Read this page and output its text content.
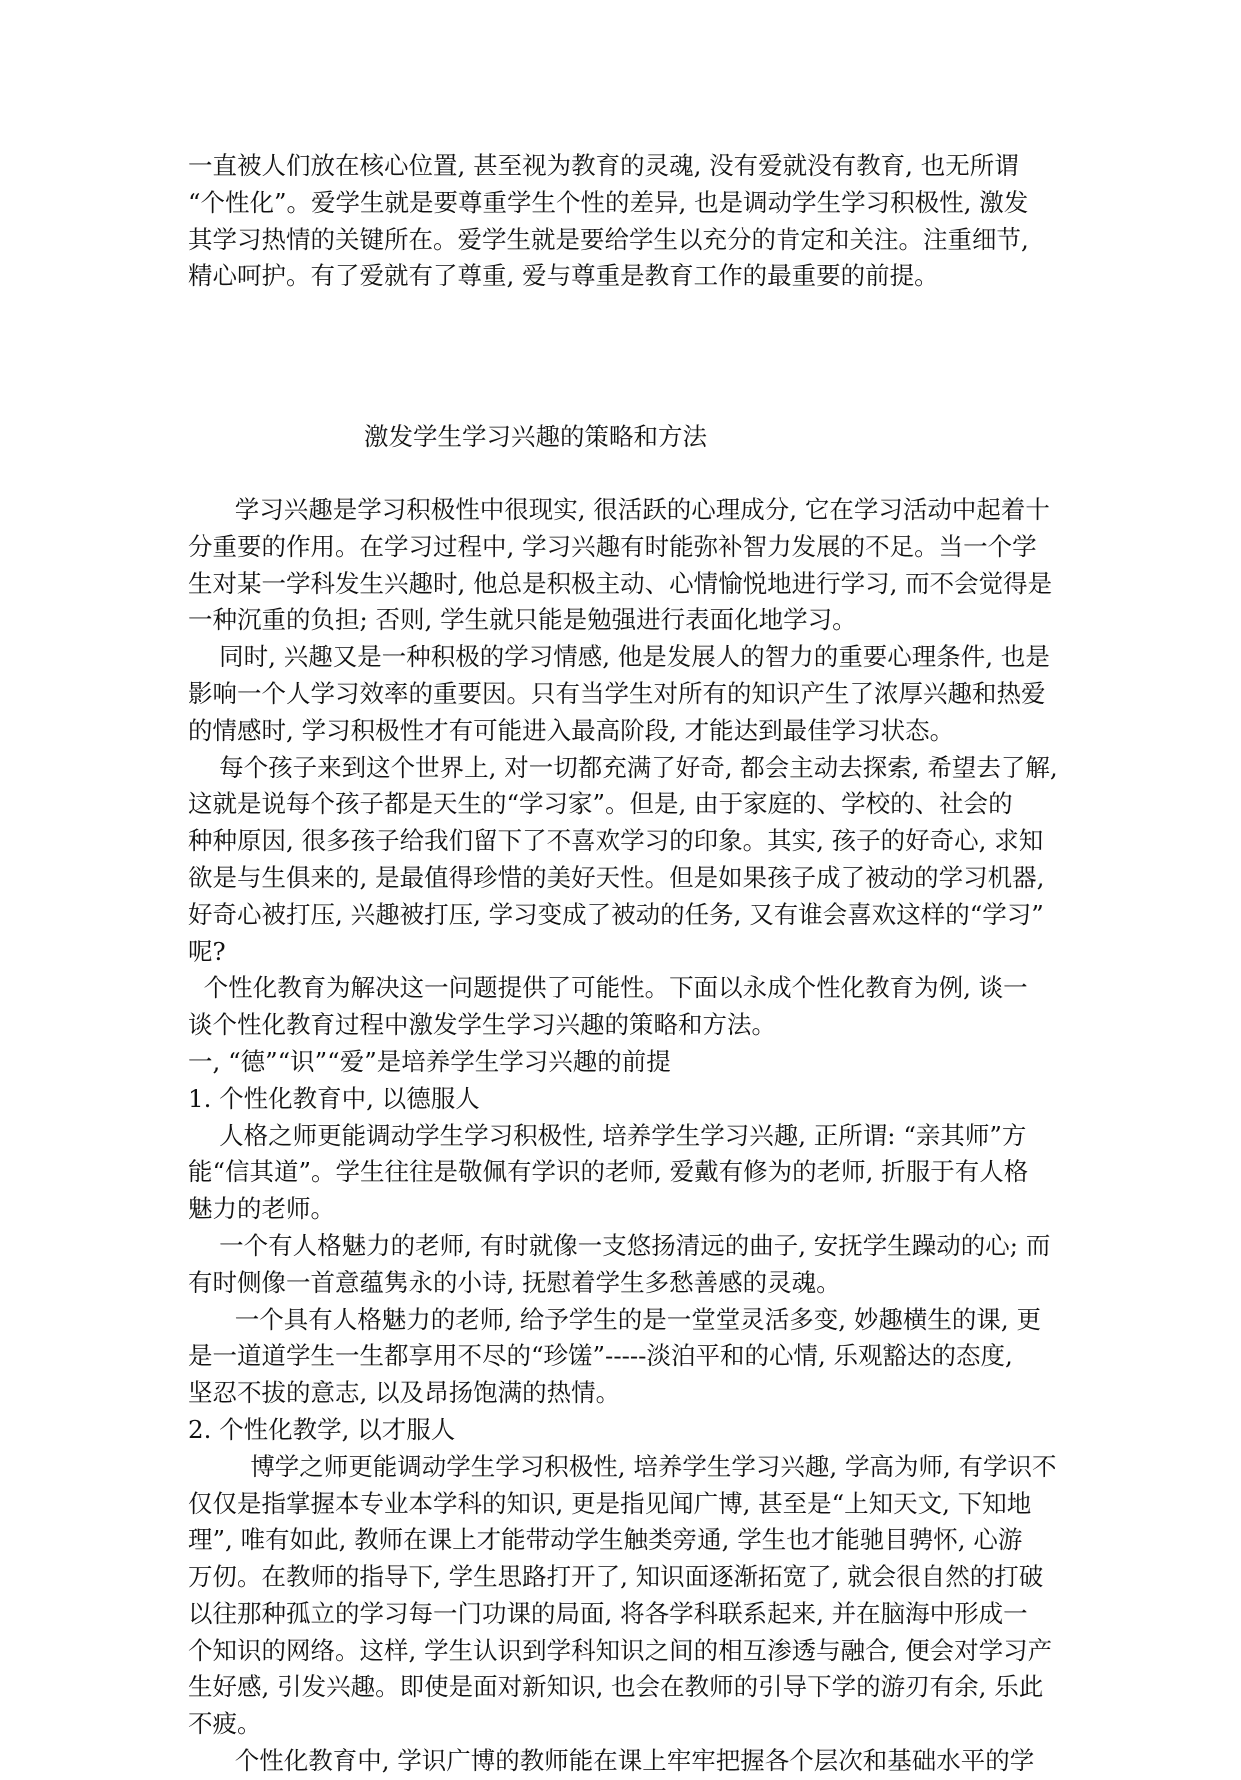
一直被人们放在核心位置, 甚至视为教育的灵魂, 没有爱就没有教育, 也无所谓
“个性化”。爱学生就是要尊重学生个性的差异, 也是调动学生学习积极性, 激发
其学习热情的关键所在。爱学生就是要给学生以充分的肯定和关注。注重细节,
精心呵护。有了爱就有了尊重, 爱与尊重是教育工作的最重要的前提。

激发学生学习兴趣的策略和方法

学习兴趣是学习积极性中很现实, 很活跃的心理成分, 它在学习活动中起着十
分重要的作用。在学习过程中, 学习兴趣有时能弥补智力发展的不足。当一个学
生对某一学科发生兴趣时, 他总是积极主动、心情愉悦地进行学习, 而不会觉得是
一种沉重的负担; 否则, 学生就只能是勉强进行表面化地学习。

同时, 兴趣又是一种积极的学习情感, 他是发展人的智力的重要心理条件, 也是
影响一个人学习效率的重要因。只有当学生对所有的知识产生了浓厚兴趣和热爱
的情感时, 学习积极性才有可能进入最高阶段, 才能达到最佳学习状态。

每个孩子来到这个世界上, 对一切都充满了好奇, 都会主动去探索, 希望去了解,
这就是说每个孩子都是天生的“学习家”。但是, 由于家庭的、学校的、社会的
种种原因, 很多孩子给我们留下了不喜欢学习的印象。其实, 孩子的好奇心, 求知
欲是与生俱来的, 是最值得珍惜的美好天性。但是如果孩子成了被动的学习机器,
好奇心被打压, 兴趣被打压, 学习变成了被动的任务, 又有谁会喜欢这样的“学习”
呢?

个性化教育为解决这一问题提供了可能性。下面以永成个性化教育为例, 谈一
谈个性化教育过程中激发学生学习兴趣的策略和方法。

一, “德”“识”“爱”是培养学生学习兴趣的前提

1. 个性化教育中, 以德服人

人格之师更能调动学生学习积极性, 培养学生学习兴趣, 正所谓: “亲其师”方
能“信其道”。学生往往是敬佩有学识的老师, 爱戴有修为的老师, 折服于有人格
魅力的老师。

一个有人格魅力的老师, 有时就像一支悠扬清远的曲子, 安抚学生躁动的心; 而
有时侧像一首意蕴隽永的小诗, 抚慰着学生多愁善感的灵魂。

一个具有人格魅力的老师, 给予学生的是一堂堂灵活多变, 妙趣横生的课, 更
是一道道学生一生都享用不尽的“珍馐”-----淡泊平和的心情, 乐观豁达的态度,
坚忍不拔的意志, 以及昂扬饱满的热情。

2. 个性化教学, 以才服人

博学之师更能调动学生学习积极性, 培养学生学习兴趣, 学高为师, 有学识不
仅仅是指掌握本专业本学科的知识, 更是指见闻广博, 甚至是“上知天文, 下知地
理”, 唯有如此, 教师在课上才能带动学生触类旁通, 学生也才能驰目骋怀, 心游
万仞。在教师的指导下, 学生思路打开了, 知识面逐渐拓宽了, 就会很自然的打破
以往那种孤立的学习每一门功课的局面, 将各学科联系起来, 并在脑海中形成一
个知识的网络。这样, 学生认识到学科知识之间的相互渗透与融合, 便会对学习产
生好感, 引发兴趣。即使是面对新知识, 也会在教师的引导下学的游刃有余, 乐此
不疲。

个性化教育中, 学识广博的教师能在课上牢牢把握各个层次和基础水平的学
